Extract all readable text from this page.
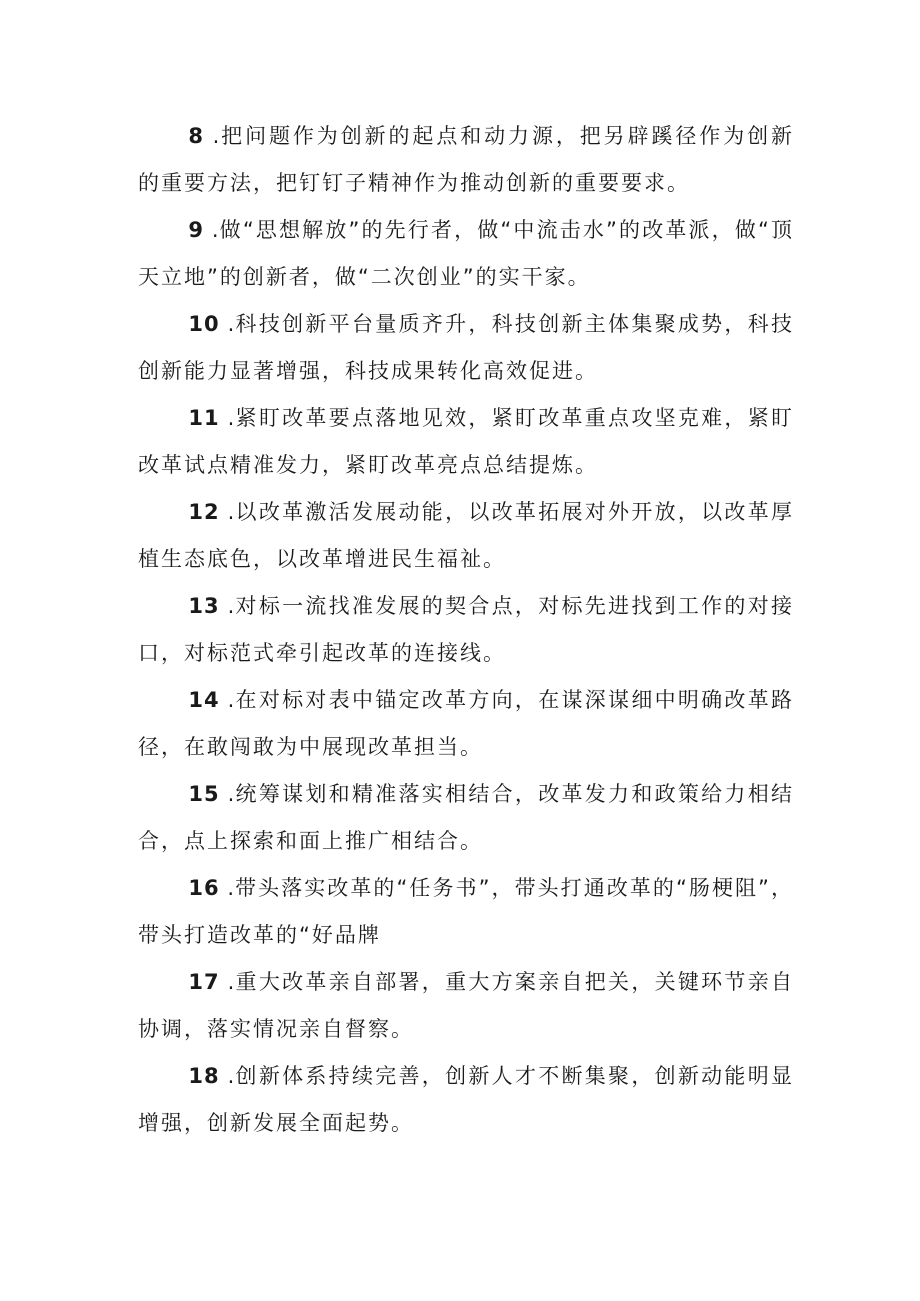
8 .把问题作为创新的起点和动力源，把另辟蹊径作为创新的重要方法，把钉钉子精神作为推动创新的重要要求。

9 .做“思想解放”的先行者，做“中流击水”的改革派，做“顶天立地”的创新者，做“二次创业”的实干家。

10 .科技创新平台量质齐升，科技创新主体集聚成势，科技创新能力显著增强，科技成果转化高效促进。

11 .紧盯改革要点落地见效，紧盯改革重点攻坚克难，紧盯改革试点精准发力，紧盯改革亮点总结提炼。

12 .以改革激活发展动能，以改革拓展对外开放，以改革厚植生态底色，以改革增进民生福祉。

13 .对标一流找准发展的契合点，对标先进找到工作的对接口，对标范式牵引起改革的连接线。

14 .在对标对表中锚定改革方向，在谋深谋细中明确改革路径，在敢闯敢为中展现改革担当。

15 .统筹谋划和精准落实相结合，改革发力和政策给力相结合，点上探索和面上推广相结合。

16 .带头落实改革的“任务书”，带头打通改革的“肠梗阻”，带头打造改革的“好品牌

17 .重大改革亲自部署，重大方案亲自把关，关键环节亲自协调，落实情况亲自督察。

18 .创新体系持续完善，创新人才不断集聚，创新动能明显增强，创新发展全面起势。
